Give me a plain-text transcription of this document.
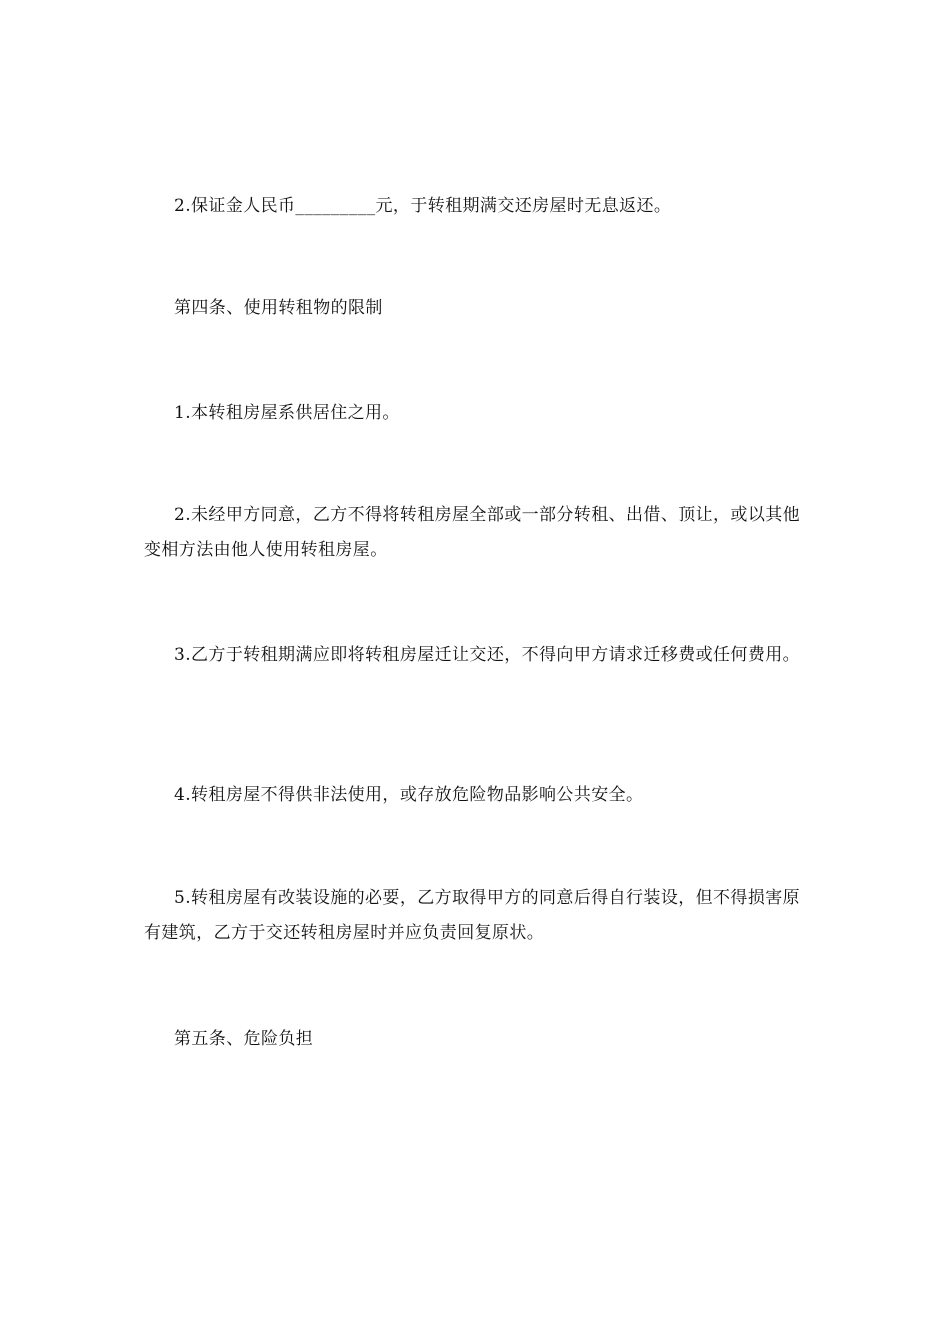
2.保证金人民币_________元，于转租期满交还房屋时无息返还。

第四条、使用转租物的限制

1.本转租房屋系供居住之用。

2.未经甲方同意，乙方不得将转租房屋全部或一部分转租、出借、顶让，或以其他变相方法由他人使用转租房屋。

3.乙方于转租期满应即将转租房屋迁让交还，不得向甲方请求迁移费或任何费用。

4.转租房屋不得供非法使用，或存放危险物品影响公共安全。

5.转租房屋有改装设施的必要，乙方取得甲方的同意后得自行装设，但不得损害原有建筑，乙方于交还转租房屋时并应负责回复原状。

第五条、危险负担
